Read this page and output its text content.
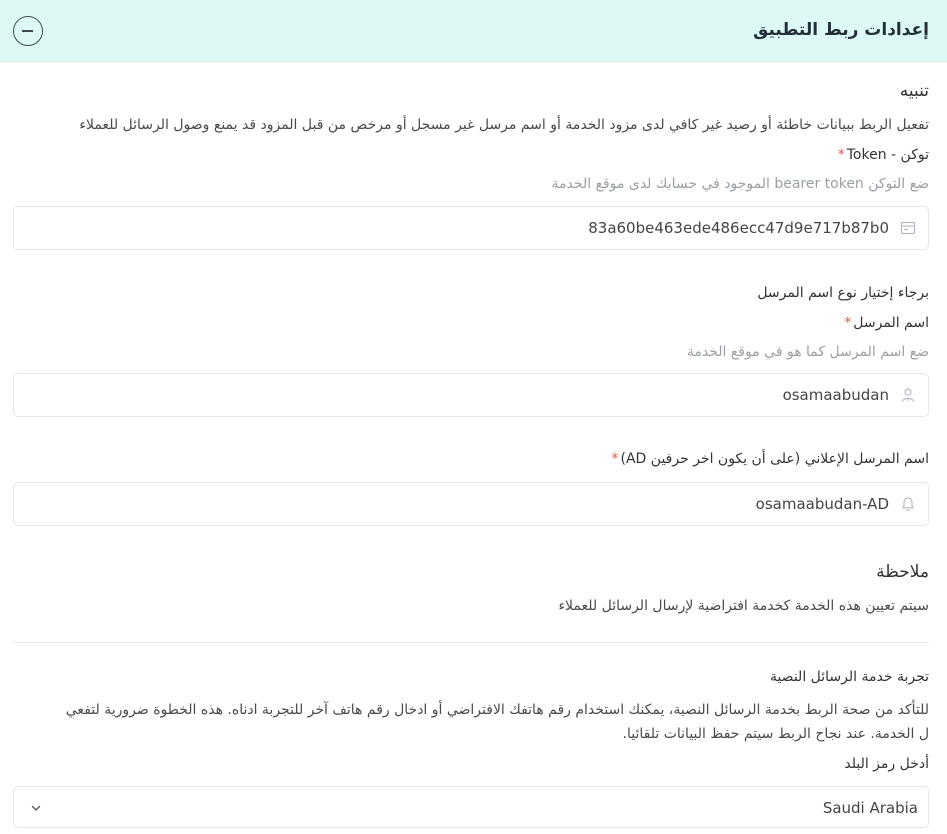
إعدادات ربط التطبيق
تنبيه
تفعيل الربط ببيانات خاطئة أو رصيد غير كافي لدى مزود الخدمة أو اسم مرسل غير مسجل أو مرخص من قبل المزود قد يمنع وصول الرسائل للعملاء
توكن - Token*
ضع التوكن bearer token الموجود في حسابك لدى موقع الخدمة
83a60be463ede486ecc47d9e717b87b0
برجاء إختيار نوع اسم المرسل
اسم المرسل*
ضع اسم المرسل كما هو في موقع الخدمة
osamaabudan
اسم المرسل الإعلاني (على أن يكون اخر حرفين AD)*
osamaabudan-AD
ملاحظة
سيتم تعيين هذه الخدمة كخدمة افتراضية لإرسال الرسائل للعملاء
تجربة خدمة الرسائل النصية
للتأكد من صحة الربط بخدمة الرسائل النصية، يمكنك استخدام رقم هاتفك الافتراضي أو ادخال رقم هاتف آخر للتجربة ادناه. هذه الخطوة ضرورية لتفعي
ل الخدمة. عند نجاح الربط سيتم حفظ البيانات تلقائيا.
أدخل رمز البلد
Saudi Arabia
